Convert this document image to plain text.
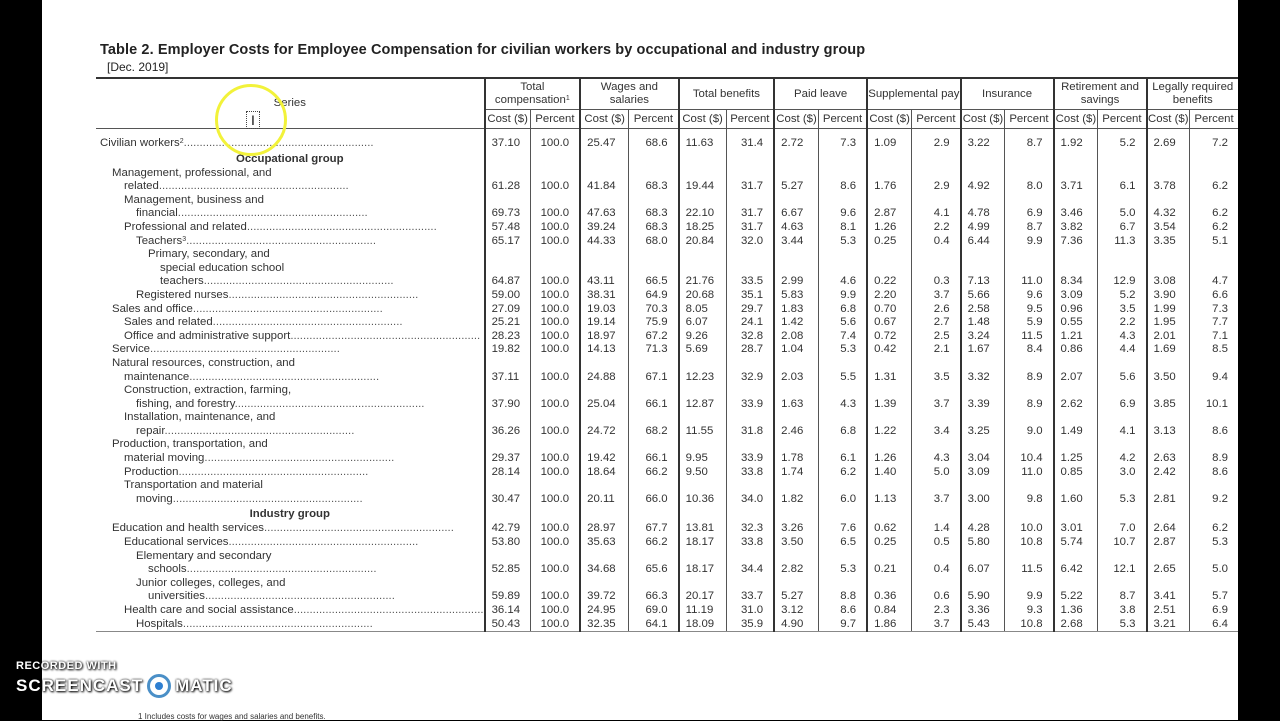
Table 2. Employer Costs for Employee Compensation for civilian workers by occupational and industry group
[Dec. 2019]
Series	Total compensation$^1$		Wages and salaries		Total benefits		Paid leave		Supplemental pay		Insurance		Retirement and savings		Legally required benefits	
	Cost ($)	Percent	Cost ($)	Percent	Cost ($)	Percent	Cost ($)	Percent	Cost ($)	Percent	Cost ($)	Percent	Cost ($)	Percent	Cost ($)	Percent

Civilian workers$^2$............................................................	37.10	100.0	25.47	68.6	11.63	31.4	2.72	7.3	1.09	2.9	3.22	8.7	1.92	5.2	2.69	7.2
Occupational group																

Management, professional, and
related............................................................	61.28	100.0	41.84	68.3	19.44	31.7	5.27	8.6	1.76	2.9	4.92	8.0	3.71	6.1	3.78	6.2

Management, business and
financial............................................................	69.73	100.0	47.63	68.3	22.10	31.7	6.67	9.6	2.87	4.1	4.78	6.9	3.46	5.0	4.32	6.2

Professional and related............................................................	57.48	100.0	39.24	68.3	18.25	31.7	4.63	8.1	1.26	2.2	4.99	8.7	3.82	6.7	3.54	6.2

Teachers$^3$............................................................	65.17	100.0	44.33	68.0	20.84	32.0	3.44	5.3	0.25	0.4	6.44	9.9	7.36	11.3	3.35	5.1

Primary, secondary, and
special education school
teachers............................................................	64.87	100.0	43.11	66.5	21.76	33.5	2.99	4.6	0.22	0.3	7.13	11.0	8.34	12.9	3.08	4.7

Registered nurses............................................................	59.00	100.0	38.31	64.9	20.68	35.1	5.83	9.9	2.20	3.7	5.66	9.6	3.09	5.2	3.90	6.6

Sales and office............................................................	27.09	100.0	19.03	70.3	8.05	29.7	1.83	6.8	0.70	2.6	2.58	9.5	0.96	3.5	1.99	7.3

Sales and related............................................................	25.21	100.0	19.14	75.9	6.07	24.1	1.42	5.6	0.67	2.7	1.48	5.9	0.55	2.2	1.95	7.7

Office and administrative support............................................................	28.23	100.0	18.97	67.2	9.26	32.8	2.08	7.4	0.72	2.5	3.24	11.5	1.21	4.3	2.01	7.1

Service............................................................	19.82	100.0	14.13	71.3	5.69	28.7	1.04	5.3	0.42	2.1	1.67	8.4	0.86	4.4	1.69	8.5

Natural resources, construction, and
maintenance............................................................	37.11	100.0	24.88	67.1	12.23	32.9	2.03	5.5	1.31	3.5	3.32	8.9	2.07	5.6	3.50	9.4

Construction, extraction, farming,
fishing, and forestry............................................................	37.90	100.0	25.04	66.1	12.87	33.9	1.63	4.3	1.39	3.7	3.39	8.9	2.62	6.9	3.85	10.1

Installation, maintenance, and
repair............................................................	36.26	100.0	24.72	68.2	11.55	31.8	2.46	6.8	1.22	3.4	3.25	9.0	1.49	4.1	3.13	8.6

Production, transportation, and
material moving............................................................	29.37	100.0	19.42	66.1	9.95	33.9	1.78	6.1	1.26	4.3	3.04	10.4	1.25	4.2	2.63	8.9

Production............................................................	28.14	100.0	18.64	66.2	9.50	33.8	1.74	6.2	1.40	5.0	3.09	11.0	0.85	3.0	2.42	8.6

Transportation and material
moving............................................................	30.47	100.0	20.11	66.0	10.36	34.0	1.82	6.0	1.13	3.7	3.00	9.8	1.60	5.3	2.81	9.2
Industry group																

Education and health services............................................................	42.79	100.0	28.97	67.7	13.81	32.3	3.26	7.6	0.62	1.4	4.28	10.0	3.01	7.0	2.64	6.2

Educational services............................................................	53.80	100.0	35.63	66.2	18.17	33.8	3.50	6.5	0.25	0.5	5.80	10.8	5.74	10.7	2.87	5.3

Elementary and secondary
schools............................................................	52.85	100.0	34.68	65.6	18.17	34.4	2.82	5.3	0.21	0.4	6.07	11.5	6.42	12.1	2.65	5.0

Junior colleges, colleges, and
universities............................................................	59.89	100.0	39.72	66.3	20.17	33.7	5.27	8.8	0.36	0.6	5.90	9.9	5.22	8.7	3.41	5.7

Health care and social assistance............................................................	36.14	100.0	24.95	69.0	11.19	31.0	3.12	8.6	0.84	2.3	3.36	9.3	1.36	3.8	2.51	6.9

Hospitals............................................................	50.43	100.0	32.35	64.1	18.09	35.9	4.90	9.7	1.86	3.7	5.43	10.8	2.68	5.3	3.21	6.4
1 Includes costs for wages and salaries and benefits.
I
RECORDED WITH
SCREENCAST MATIC
